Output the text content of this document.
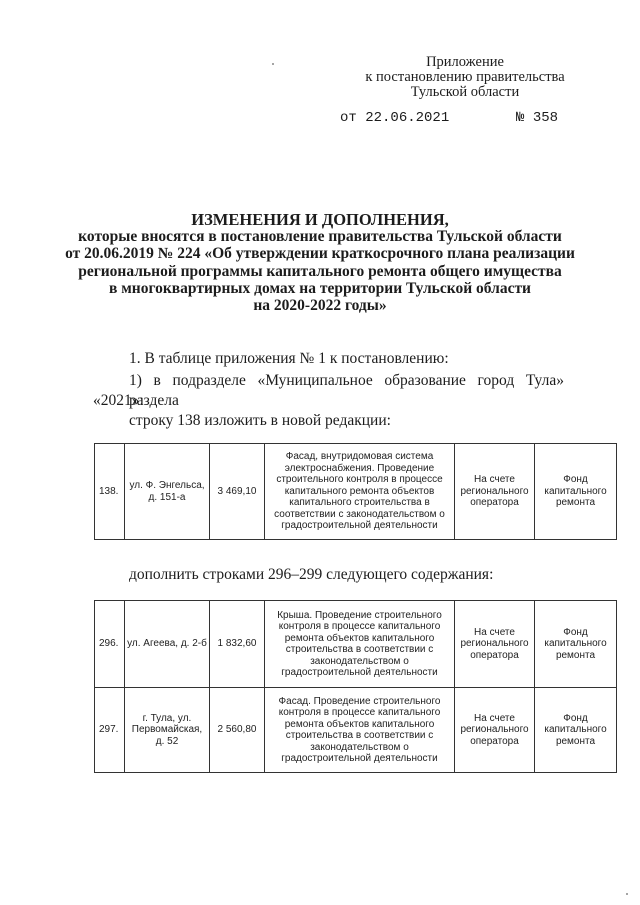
Приложение
к постановлению правительства
Тульской области
от 22.06.2021	№ 358
ИЗМЕНЕНИЯ И ДОПОЛНЕНИЯ,
которые вносятся в постановление правительства Тульской области
от 20.06.2019 № 224 «Об утверждении краткосрочного плана реализации
региональной программы капитального ремонта общего имущества
в многоквартирных домах на территории Тульской области
на 2020-2022 годы»
1. В таблице приложения № 1 к постановлению:
1) в подразделе «Муниципальное образование город Тула» раздела
«2021»:
строку 138 изложить в новой редакции:
138.	ул. Ф. Энгельса, д. 151-а	3 469,10	Фасад, внутридомовая система электроснабжения. Проведение строительного контроля в процессе капитального ремонта объектов капитального строительства в соответствии с законодательством о градостроительной деятельности	На счете регионального оператора	Фонд капитального ремонта
дополнить строками 296–299 следующего содержания:
296.	ул. Агеева, д. 2-б	1 832,60	Крыша. Проведение строительного контроля в процессе капитального ремонта объектов капитального строительства в соответствии с законодательством о градостроительной деятельности	На счете регионального оператора	Фонд капитального ремонта
297.	г. Тула, ул. Первомайская, д. 52	2 560,80	Фасад. Проведение строительного контроля в процессе капитального ремонта объектов капитального строительства в соответствии с законодательством о градостроительной деятельности	На счете регионального оператора	Фонд капитального ремонта
